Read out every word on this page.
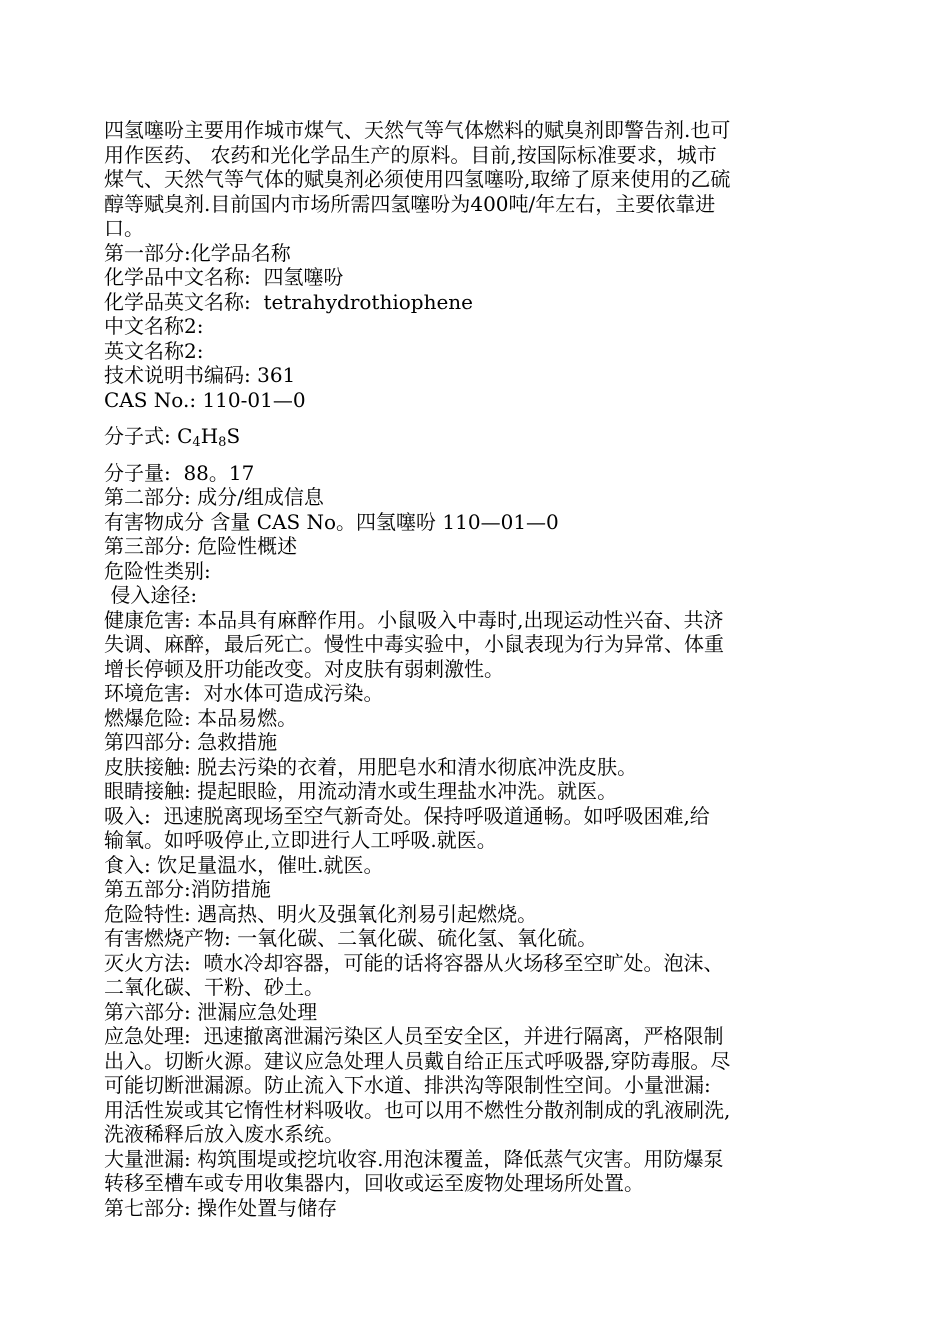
四氢噻吩主要用作城市煤气、天然气等气体燃料的赋臭剂即警告剂.也可
用作医药、 农药和光化学品生产的原料。目前,按国际标准要求，城市
煤气、天然气等气体的赋臭剂必须使用四氢噻吩,取缔了原来使用的乙硫
醇等赋臭剂.目前国内市场所需四氢噻吩为400吨/年左右，主要依靠进
口。
第一部分:化学品名称
化学品中文名称:  四氢噻吩
化学品英文名称:  tetrahydrothiophene
中文名称2:
英文名称2:
技术说明书编码: 361
CAS No.: 110-01—0
分子式: $C_4H_8S$
分子量:  88。17
第二部分: 成分/组成信息
有害物成分 含量 CAS No。四氢噻吩 110—01—0
第三部分: 危险性概述
危险性类别:
侵入途径:
健康危害: 本品具有麻醉作用。小鼠吸入中毒时,出现运动性兴奋、共济
失调、麻醉，最后死亡。慢性中毒实验中，小鼠表现为行为异常、体重
增长停顿及肝功能改变。对皮肤有弱刺激性。
环境危害:  对水体可造成污染。
燃爆危险: 本品易燃。
第四部分: 急救措施
皮肤接触: 脱去污染的衣着，用肥皂水和清水彻底冲洗皮肤。
眼睛接触: 提起眼睑，用流动清水或生理盐水冲洗。就医。
吸入:  迅速脱离现场至空气新奇处。保持呼吸道通畅。如呼吸困难,给
输氧。如呼吸停止,立即进行人工呼吸.就医。
食入: 饮足量温水，催吐.就医。
第五部分:消防措施
危险特性: 遇高热、明火及强氧化剂易引起燃烧。
有害燃烧产物: 一氧化碳、二氧化碳、硫化氢、氧化硫。
灭火方法:  喷水冷却容器，可能的话将容器从火场移至空旷处。泡沫、
二氧化碳、干粉、砂土。
第六部分: 泄漏应急处理
应急处理:  迅速撤离泄漏污染区人员至安全区，并进行隔离，严格限制
出入。切断火源。建议应急处理人员戴自给正压式呼吸器,穿防毒服。尽
可能切断泄漏源。防止流入下水道、排洪沟等限制性空间。小量泄漏:
用活性炭或其它惰性材料吸收。也可以用不燃性分散剂制成的乳液刷洗,
洗液稀释后放入废水系统。
大量泄漏: 构筑围堤或挖坑收容.用泡沫覆盖，降低蒸气灾害。用防爆泵
转移至槽车或专用收集器内，回收或运至废物处理场所处置。
第七部分: 操作处置与储存
